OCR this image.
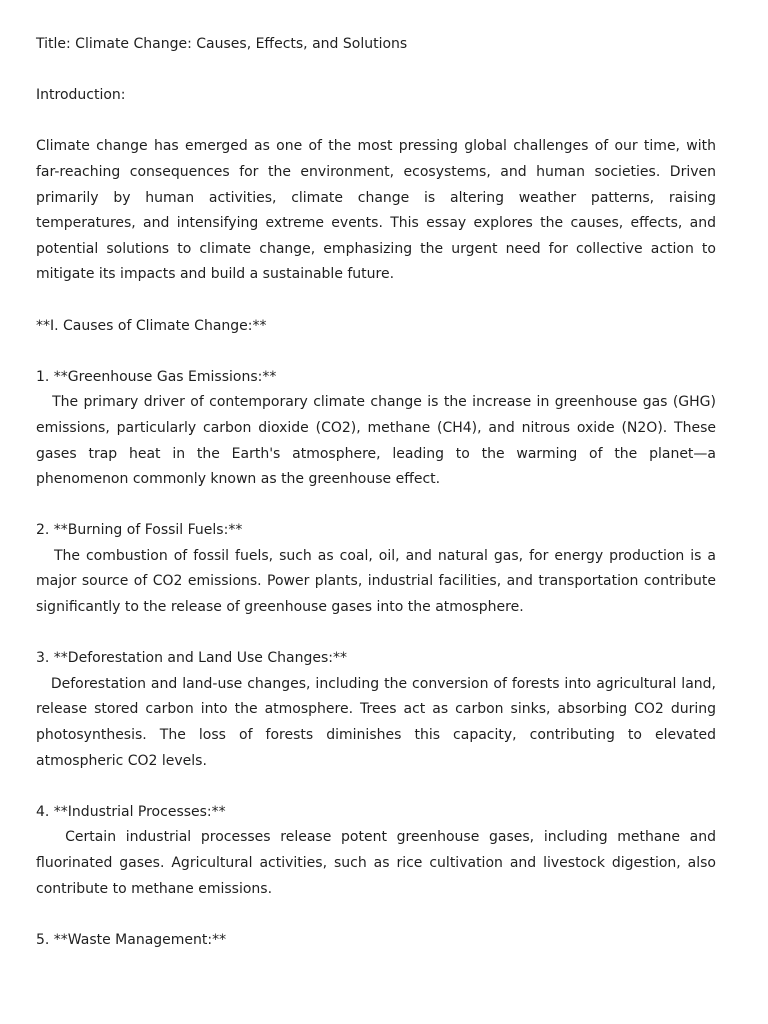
Title: Climate Change: Causes, Effects, and Solutions

Introduction:

Climate change has emerged as one of the most pressing global challenges of our time, with far-reaching consequences for the environment, ecosystems, and human societies. Driven primarily by human activities, climate change is altering weather patterns, raising temperatures, and intensifying extreme events. This essay explores the causes, effects, and potential solutions to climate change, emphasizing the urgent need for collective action to mitigate its impacts and build a sustainable future.

**I. Causes of Climate Change:**

1. **Greenhouse Gas Emissions:**

The primary driver of contemporary climate change is the increase in greenhouse gas (GHG) emissions, particularly carbon dioxide (CO2), methane (CH4), and nitrous oxide (N2O). These gases trap heat in the Earth's atmosphere, leading to the warming of the planet—a phenomenon commonly known as the greenhouse effect.

2. **Burning of Fossil Fuels:**

The combustion of fossil fuels, such as coal, oil, and natural gas, for energy production is a major source of CO2 emissions. Power plants, industrial facilities, and transportation contribute significantly to the release of greenhouse gases into the atmosphere.

3. **Deforestation and Land Use Changes:**

Deforestation and land-use changes, including the conversion of forests into agricultural land, release stored carbon into the atmosphere. Trees act as carbon sinks, absorbing CO2 during photosynthesis. The loss of forests diminishes this capacity, contributing to elevated atmospheric CO2 levels.

4. **Industrial Processes:**

Certain industrial processes release potent greenhouse gases, including methane and fluorinated gases. Agricultural activities, such as rice cultivation and livestock digestion, also contribute to methane emissions.

5. **Waste Management:**
